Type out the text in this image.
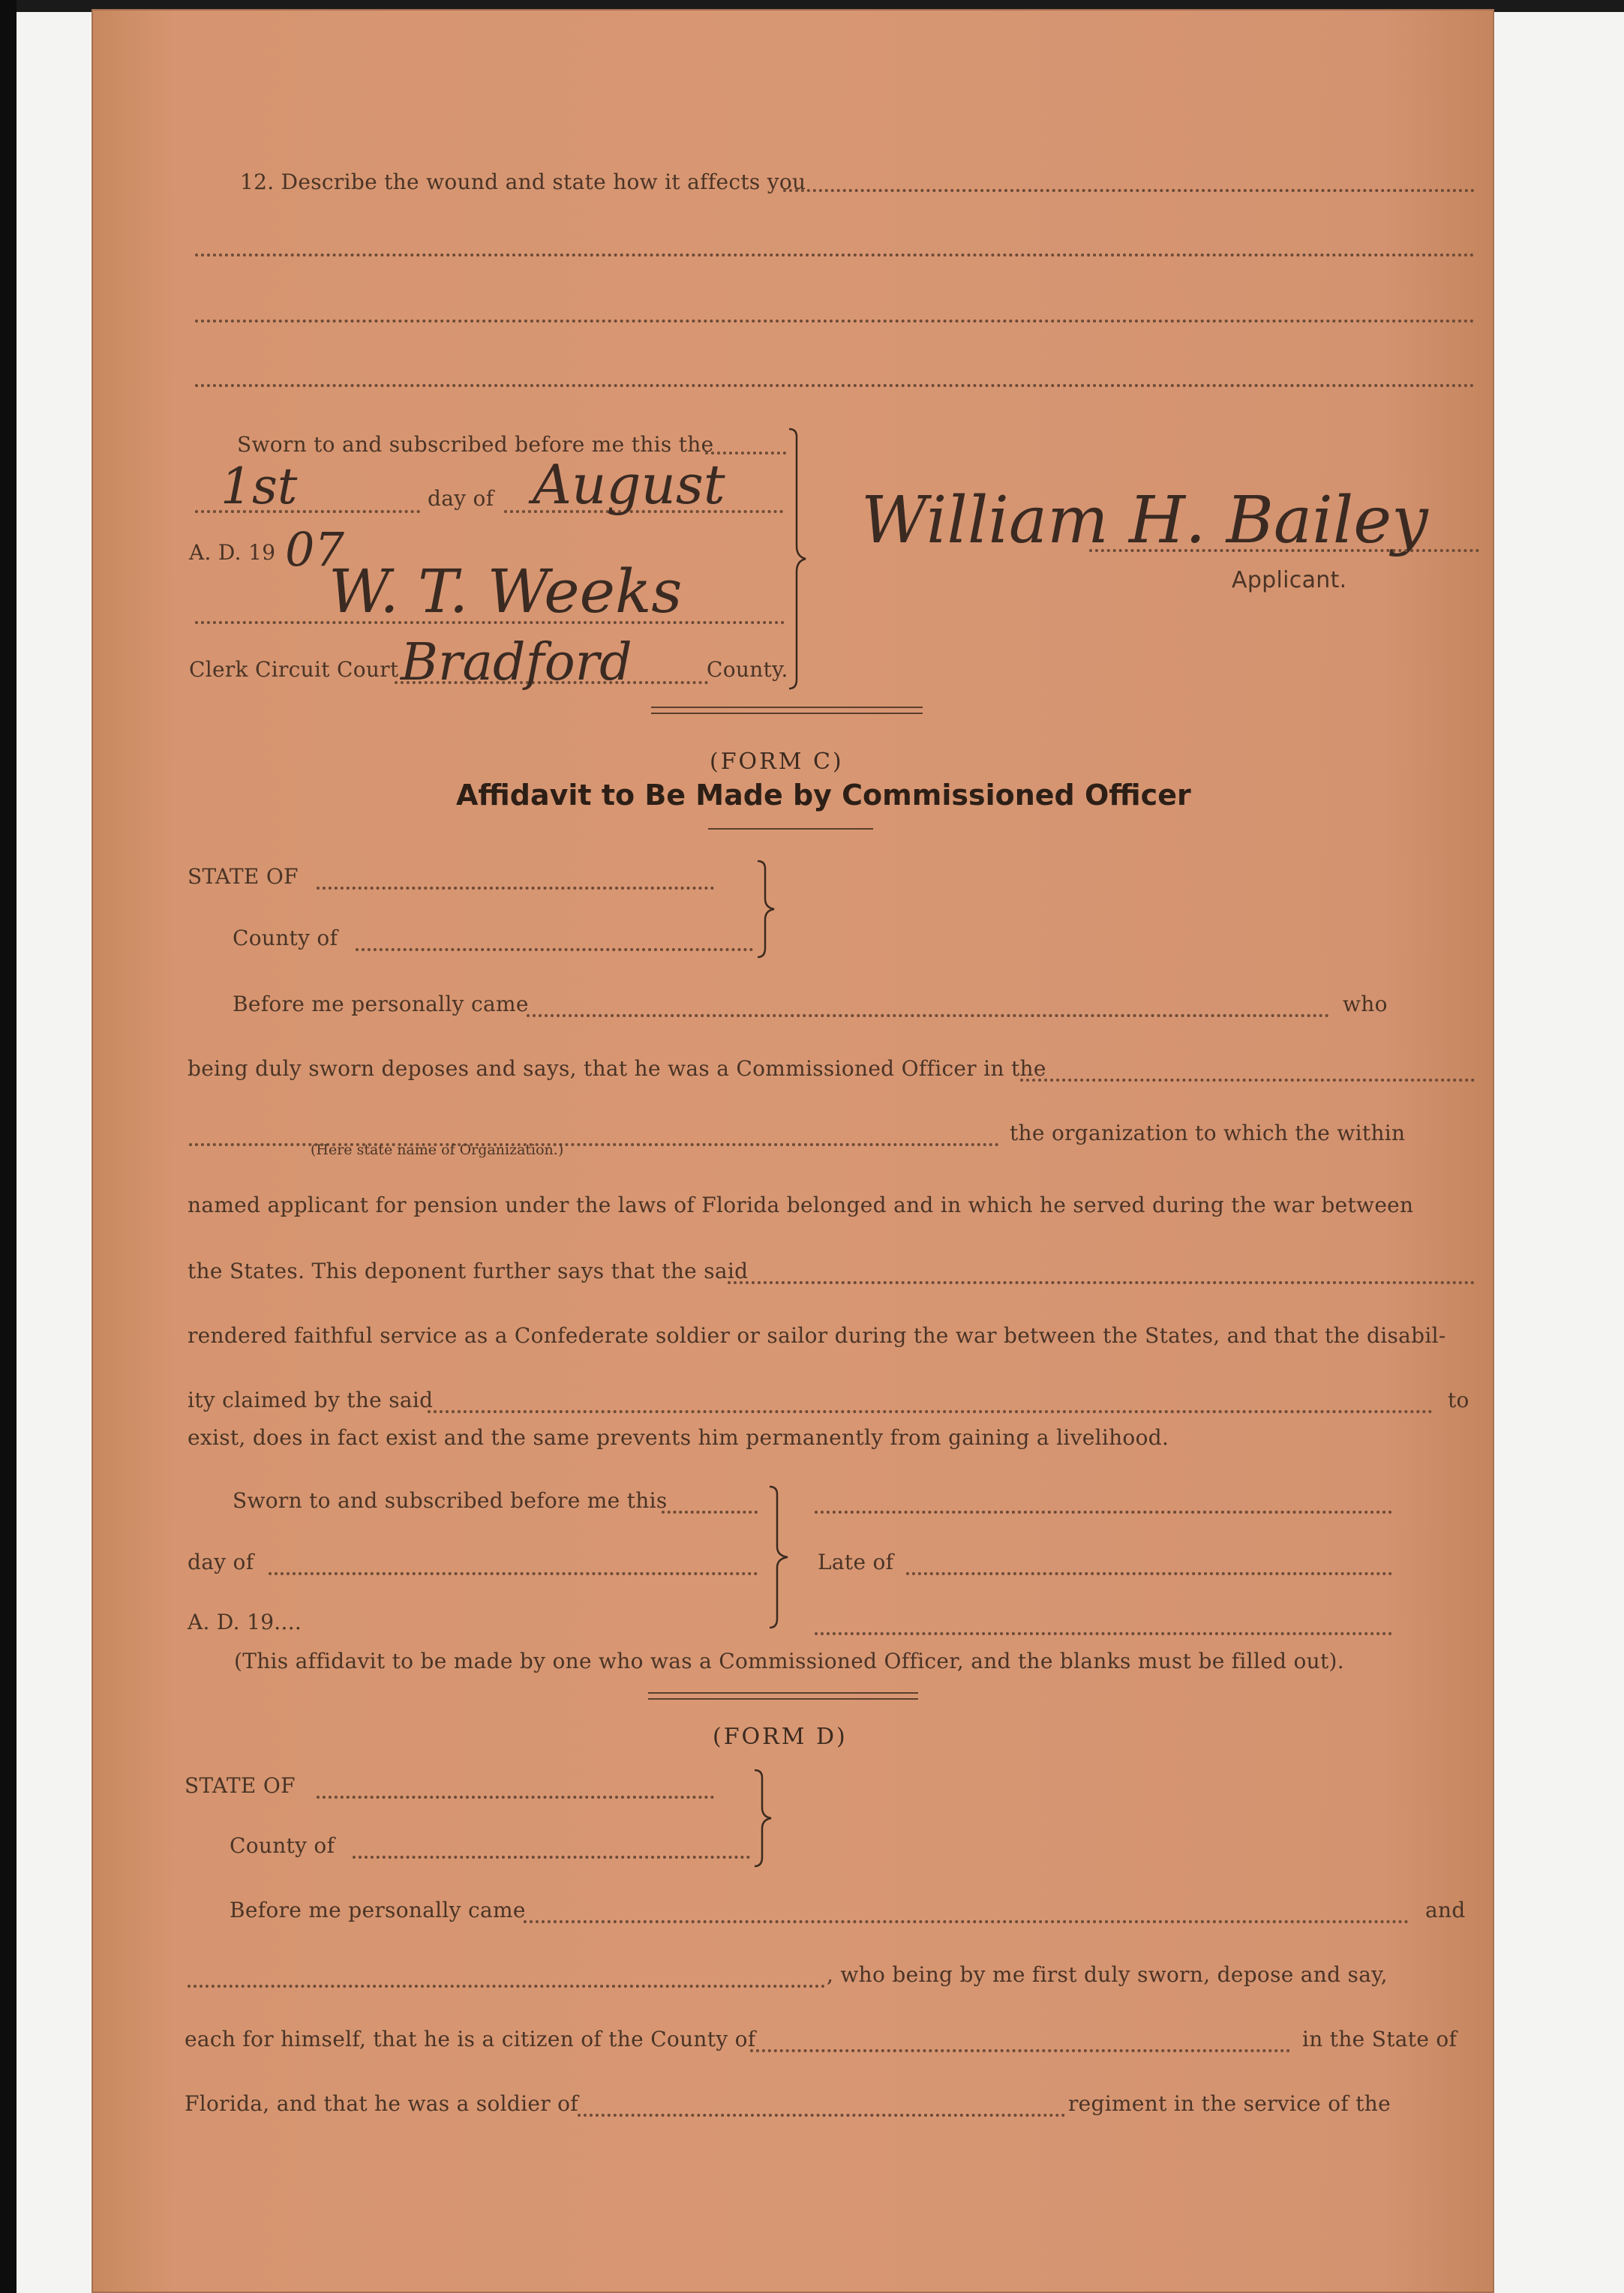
12. Describe the wound and state how it affects you
Sworn to and subscribed before me this the
1st	day of August
A. D. 19 07
W. T. Weeks
Clerk Circuit Court Bradford	County.
William H. Bailey
Applicant.
(FORM C)
Affidavit to Be Made by Commissioned Officer
STATE OF
County of
Before me personally came	who
being duly sworn deposes and says, that he was a Commissioned Officer in the
the organization to which the within
(Here state name of Organization.)
named applicant for pension under the laws of Florida belonged and in which he served during the war between
the States. This deponent further says that the said
rendered faithful service as a Confederate soldier or sailor during the war between the States, and that the disabil-
ity claimed by the said	to
exist, does in fact exist and the same prevents him permanently from gaining a livelihood.
Sworn to and subscribed before me this
day of
A. D. 19....
Late of
(This affidavit to be made by one who was a Commissioned Officer, and the blanks must be filled out).
(FORM D)
STATE OF
County of
Before me personally came	and
, who being by me first duly sworn, depose and say,
each for himself, that he is a citizen of the County of	in the State of
Florida, and that he was a soldier of	regiment in the service of the
